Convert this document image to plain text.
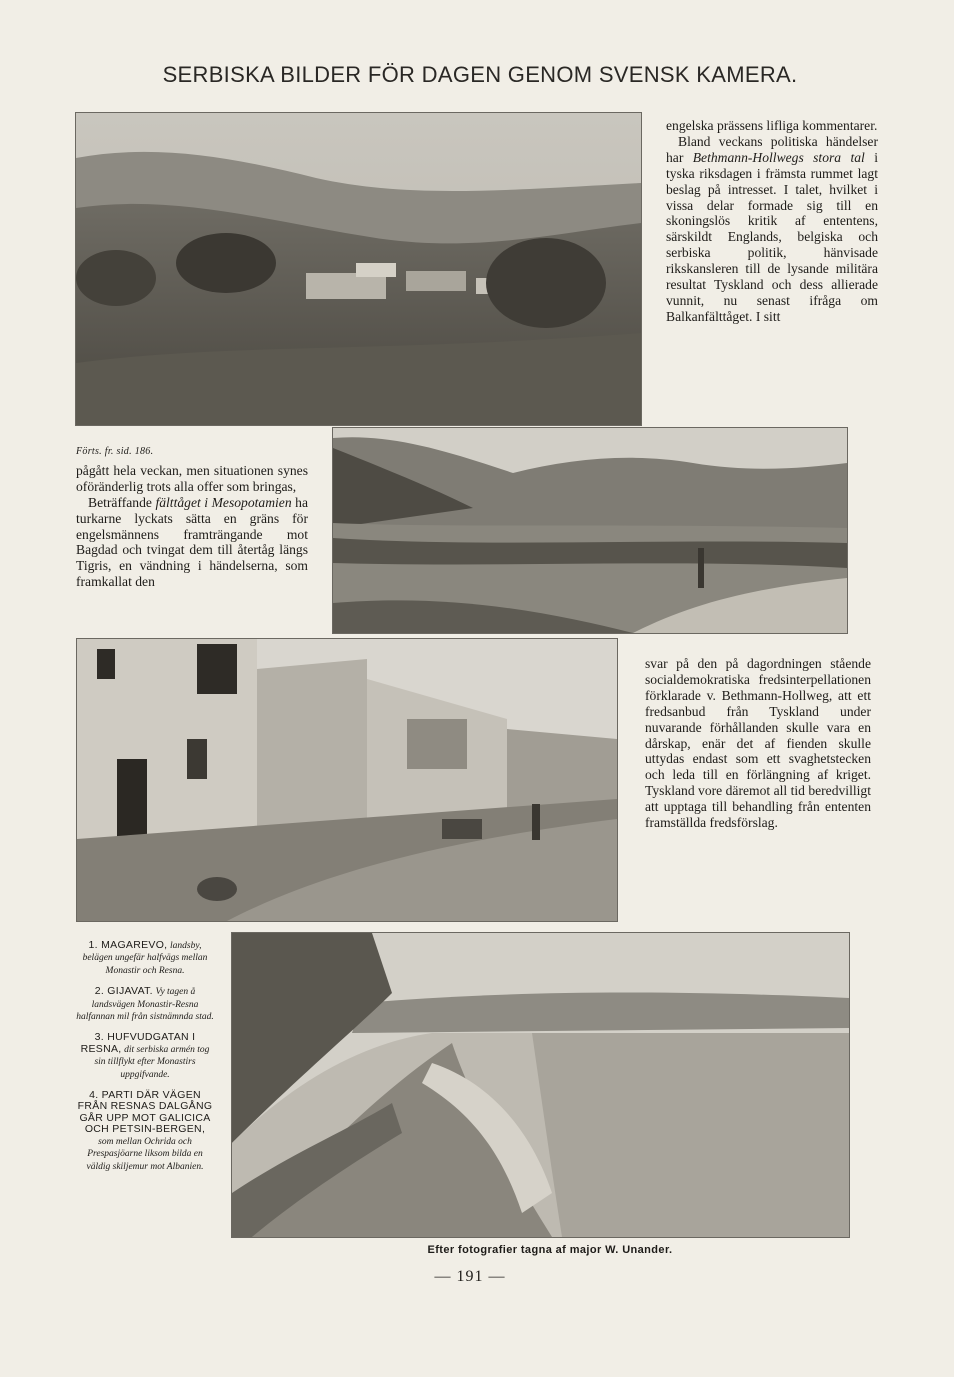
SERBISKA BILDER FÖR DAGEN GENOM SVENSK KAMERA.

engelska prässens lifliga kommentarer.

Bland veckans politiska händelser har Bethmann-Hollwegs stora tal i tyska riksdagen i främsta rummet lagt beslag på intresset. I talet, hvilket i vissa delar formade sig till en skoningslös kritik af ententens, särskildt Englands, belgiska och serbiska politik, hänvisade rikskansleren till de lysande militära resultat Tyskland och dess allierade vunnit, nu senast ifråga om Balkanfälttåget. I sitt

Förts. fr. sid. 186.

pågått hela veckan, men situationen synes oföränderlig trots alla offer som bringas,

Beträffande fälttåget i Mesopotamien ha turkarne lyckats sätta en gräns för engelsmännens framträngande mot Bagdad och tvingat dem till återtåg längs Tigris, en vändning i händelserna, som framkallat den

svar på den på dagordningen stående socialdemokratiska fredsinterpellationen förklarade v. Bethmann-Hollweg, att ett fredsanbud från Tyskland under nuvarande förhållanden skulle vara en dårskap, enär det af fienden skulle uttydas endast som ett svaghetstecken och leda till en förlängning af kriget. Tyskland vore däremot all tid beredvilligt att upptaga till behandling från ententen framställda fredsförslag.

1. MAGAREVO, landsby, belägen ungefär halfvägs mellan Monastir och Resna.

2. GIJAVAT. Vy tagen å landsvägen Monastir-Resna halfannan mil från sistnämnda stad.

3. HUFVUDGATAN I RESNA, dit serbiska armén tog sin tillflykt efter Monastirs uppgifvande.

4. PARTI DÄR VÄGEN FRÅN RESNAS DALGÅNG GÅR UPP MOT GALICICA OCH PETSIN-BERGEN, som mellan Ochrida och Prespasjöarne liksom bilda en väldig skiljemur mot Albanien.

Efter fotografier tagna af major W. Unander.
— 191 —
